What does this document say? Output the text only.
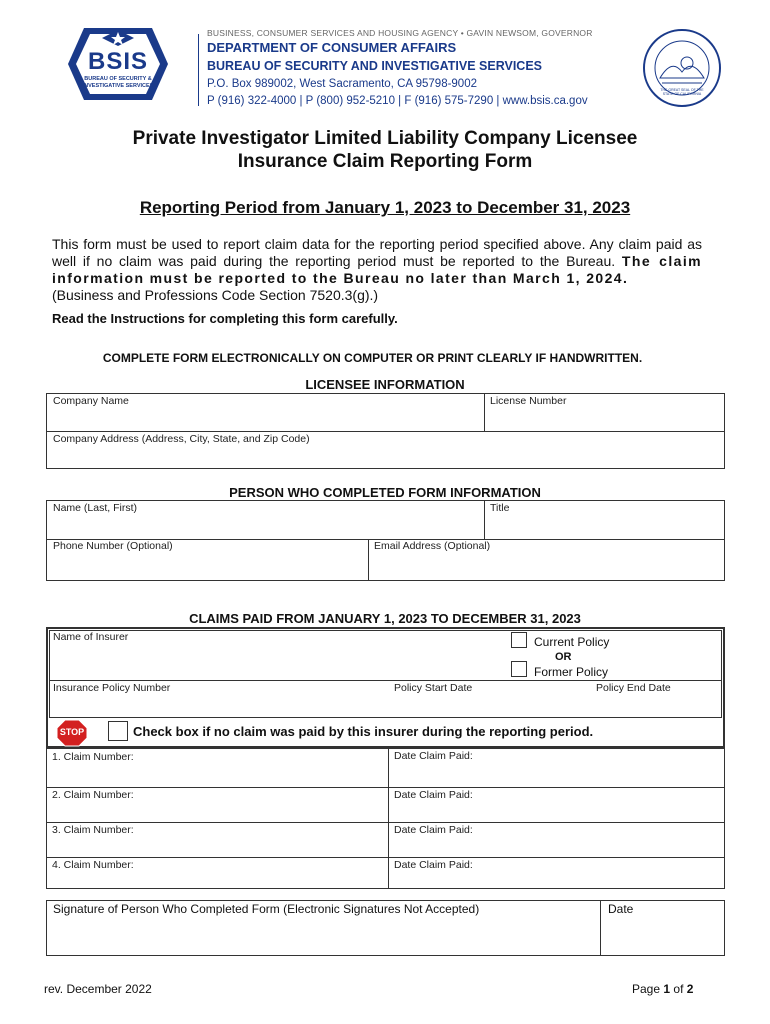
BSIS
BUREAU OF SECURITY & INVESTIGATIVE SERVICES
BUSINESS, CONSUMER SERVICES AND HOUSING AGENCY • GAVIN NEWSOM, GOVERNOR
DEPARTMENT OF CONSUMER AFFAIRS
BUREAU OF SECURITY AND INVESTIGATIVE SERVICES
P.O. Box 989002, West Sacramento, CA 95798-9002
P (916) 322-4000 | P (800) 952-5210 | F (916) 575-7290 | www.bsis.ca.gov
THE GREAT SEAL OF THE STATE OF CALIFORNIA
Private Investigator Limited Liability Company Licensee
Insurance Claim Reporting Form
Reporting Period from January 1, 2023 to December 31, 2023
This form must be used to report claim data for the reporting period specified above. Any claim paid as well if no claim was paid during the reporting period must be reported to the Bureau. The claim information must be reported to the Bureau no later than March 1, 2024.
(Business and Professions Code Section 7520.3(g).)
Read the Instructions for completing this form carefully.
COMPLETE FORM ELECTRONICALLY ON COMPUTER OR PRINT CLEARLY IF HANDWRITTEN.
LICENSEE INFORMATION
Company Name	License Number
Company Address (Address, City, State, and Zip Code)
PERSON WHO COMPLETED FORM INFORMATION
Name (Last, First)	Title
Phone Number (Optional)	Email Address (Optional)
CLAIMS PAID FROM JANUARY 1, 2023 TO DECEMBER 31, 2023
Name of Insurer	Current Policy
OR
Former Policy
Insurance Policy Number	Policy Start Date	Policy End Date
STOP	Check box if no claim was paid by this insurer during the reporting period.
1. Claim Number:	Date Claim Paid:
2. Claim Number:	Date Claim Paid:
3. Claim Number:	Date Claim Paid:
4. Claim Number:	Date Claim Paid:
Signature of Person Who Completed Form (Electronic Signatures Not Accepted)	Date
rev. December 2022	Page 1 of 2
